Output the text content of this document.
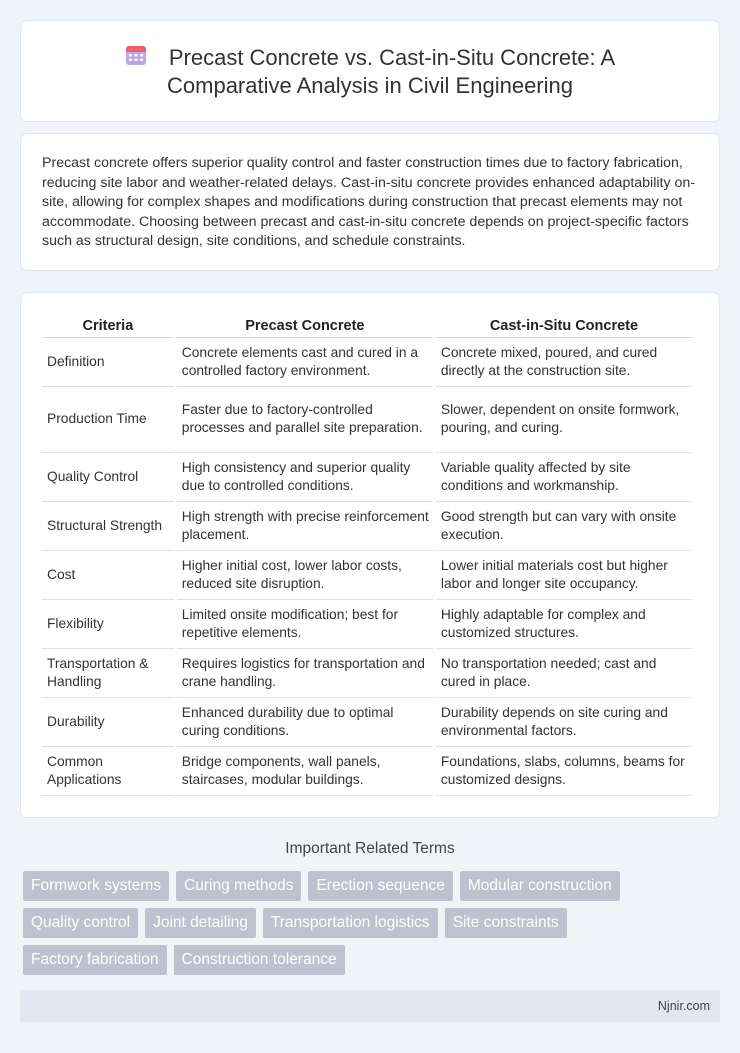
Precast Concrete vs. Cast-in-Situ Concrete: A
Comparative Analysis in Civil Engineering

Precast concrete offers superior quality control and faster construction times due to factory fabrication, reducing site labor and weather-related delays. Cast-in-situ concrete provides enhanced adaptability on-site, allowing for complex shapes and modifications during construction that precast elements may not accommodate. Choosing between precast and cast-in-situ concrete depends on project-specific factors such as structural design, site conditions, and schedule constraints.

Criteria	Precast Concrete	Cast-in-Situ Concrete
Definition	Concrete elements cast and cured in a controlled factory environment.	Concrete mixed, poured, and cured directly at the construction site.
Production Time	Faster due to factory-controlled processes and parallel site preparation.	Slower, dependent on onsite formwork, pouring, and curing.
Quality Control	High consistency and superior quality due to controlled conditions.	Variable quality affected by site conditions and workmanship.
Structural Strength	High strength with precise reinforcement placement.	Good strength but can vary with onsite execution.
Cost	Higher initial cost, lower labor costs, reduced site disruption.	Lower initial materials cost but higher labor and longer site occupancy.
Flexibility	Limited onsite modification; best for repetitive elements.	Highly adaptable for complex and customized structures.
Transportation & Handling	Requires logistics for transportation and crane handling.	No transportation needed; cast and cured in place.
Durability	Enhanced durability due to optimal curing conditions.	Durability depends on site curing and environmental factors.
Common Applications	Bridge components, wall panels, staircases, modular buildings.	Foundations, slabs, columns, beams for customized designs.
Important Related Terms
Formwork systems	Curing methods	Erection sequence	Modular construction
Quality control	Joint detailing	Transportation logistics	Site constraints
Factory fabrication	Construction tolerance
Njnir.com
